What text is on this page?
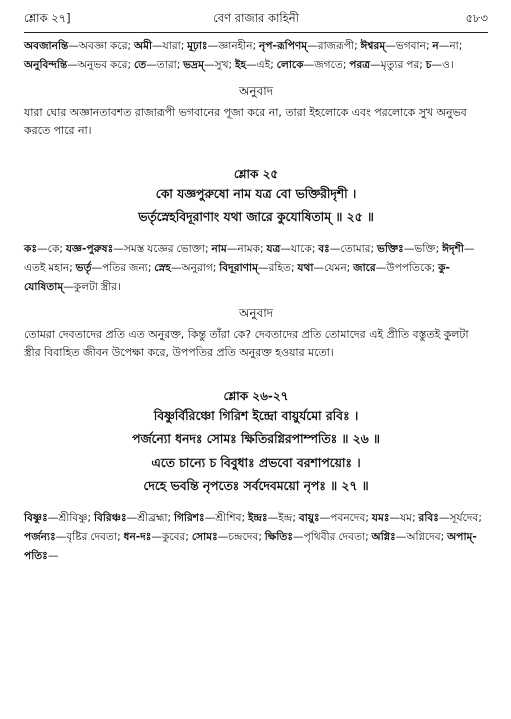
শ্লোক ২৭]	বেণ রাজার কাহিনী	৫৮৩

অবজানন্তি—অবজ্ঞা করে; অমী—যারা; মূঢ়াঃ—জ্ঞানহীন; নৃপ-রূপিণম্—রাজরূপী; ঈশ্বরম্—ভগবান; ন—না; অনুবিন্দন্তি—অনুভব করে; তে—তারা; ভদ্রম্—সুখ; ইহ—এই; লোকে—জগতে; পরত্র—মৃত্যুর পর; চ—ও।

অনুবাদ

যারা ঘোর অজ্ঞানতাবশত রাজারূপী ভগবানের পূজা করে না, তারা ইহলোকে এবং পরলোকে সুখ অনুভব করতে পারে না।

শ্লোক ২৫

কো যজ্ঞপুরুষো নাম যত্র বো ভক্তিরীদৃশী ।

ভর্তৃস্নেহবিদূরাণাং যথা জারে কুযোষিতাম্ ॥ ২৫ ॥

কঃ—কে; যজ্ঞ-পুরুষঃ—সমস্ত যজ্ঞের ভোক্তা; নাম—নামক; যত্র—যাকে; বঃ—তোমার; ভক্তিঃ—ভক্তি; ঈদৃশী—এতই মহান; ভর্তৃ—পতির জন্য; স্নেহ—অনুরাগ; বিদূরাণাম্—রহিত; যথা—যেমন; জারে—উপপতিকে; কু-যোষিতাম্—কুলটা স্ত্রীর।

অনুবাদ

তোমরা দেবতাদের প্রতি এত অনুরক্ত, কিন্তু তাঁরা কে? দেবতাদের প্রতি তোমাদের এই প্রীতি বস্তুতই কুলটা স্ত্রীর বিবাহিত জীবন উপেক্ষা করে, উপপতির প্রতি অনুরক্ত হওয়ার মতো।

শ্লোক ২৬-২৭

বিষ্ণুর্বিরিঞ্চো গিরিশ ইন্দ্রো বায়ুর্যমো রবিঃ ।

পর্জন্যো ধনদঃ সোমঃ ক্ষিতিরগ্নিরপাম্পতিঃ ॥ ২৬ ॥

এতে চান্যে চ বিবুধাঃ প্রভবো বরশাপয়োঃ ।

দেহে ভবন্তি নৃপতেঃ সর্বদেবময়ো নৃপঃ ॥ ২৭ ॥

বিষ্ণুঃ—শ্রীবিষ্ণু; বিরিঞ্চঃ—শ্রীব্রহ্মা; গিরিশঃ—শ্রীশিব; ইন্দ্রঃ—ইন্দ্র; বায়ুঃ—পবনদেব; যমঃ—যম; রবিঃ—সূর্যদেব; পর্জন্যঃ—বৃষ্টির দেবতা; ধন-দঃ—কুবের; সোমঃ—চন্দ্রদেব; ক্ষিতিঃ—পৃথিবীর দেবতা; অগ্নিঃ—অগ্নিদেব; অপাম্-পতিঃ—
